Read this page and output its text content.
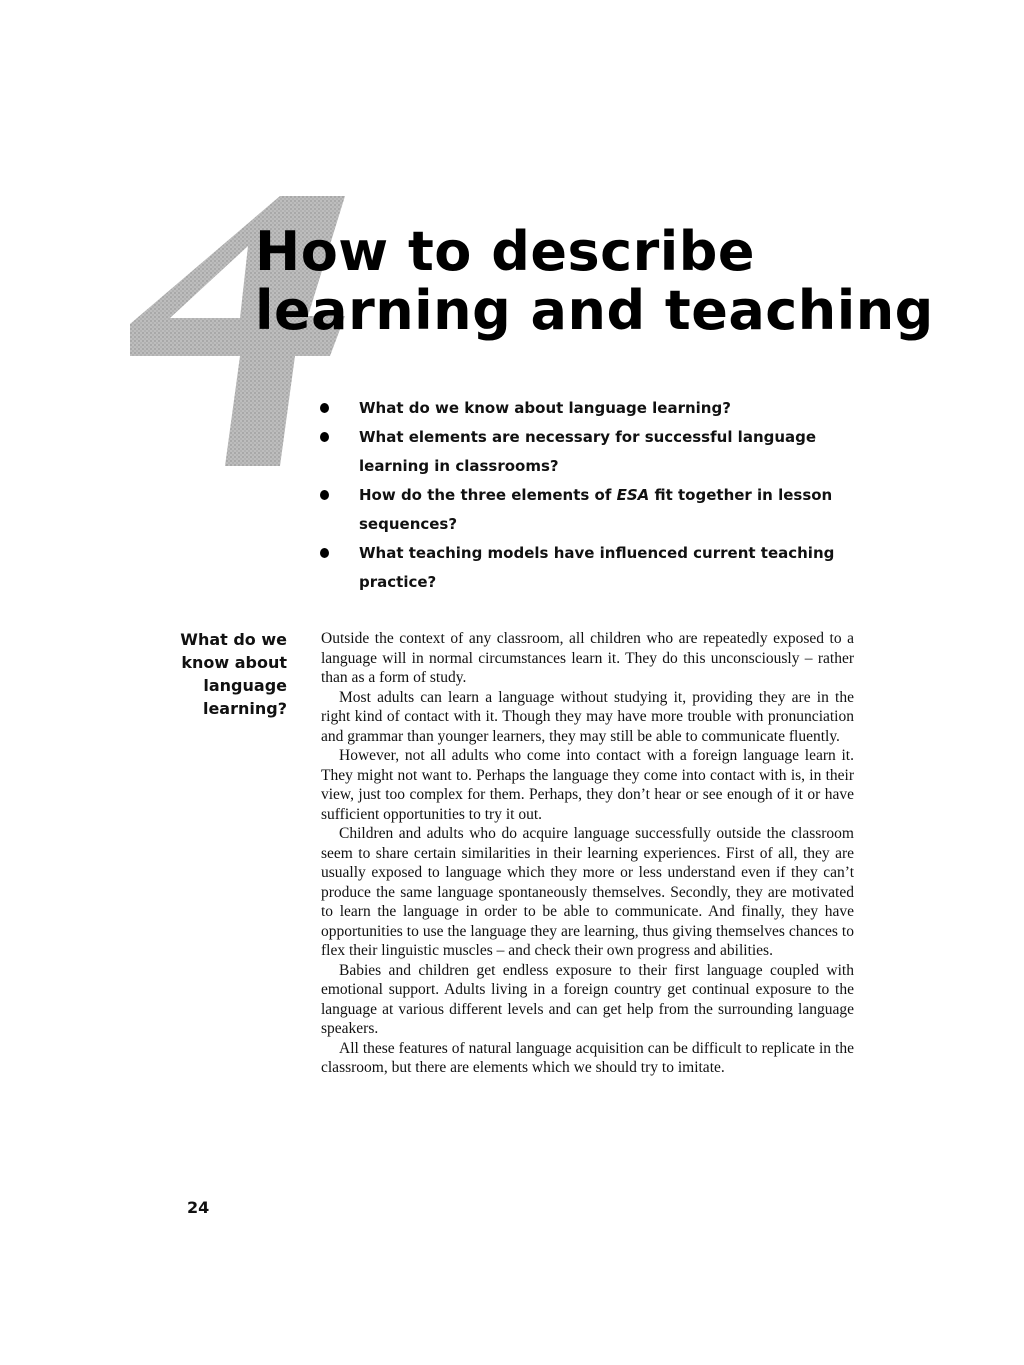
How to describe
learning and teaching
What do we know about language learning?
What elements are necessary for successful language learning in classrooms?
How do the three elements of ESA fit together in lesson sequences?
What teaching models have influenced current teaching practice?
What do we
know about
language
learning?

Outside the context of any classroom, all children who are repeatedly exposed to a language will in normal circumstances learn it. They do this unconsciously – rather than as a form of study.

Most adults can learn a language without studying it, providing they are in the right kind of contact with it. Though they may have more trouble with pronunciation and grammar than younger learners, they may still be able to communicate fluently.

However, not all adults who come into contact with a foreign language learn it. They might not want to. Perhaps the language they come into contact with is, in their view, just too complex for them. Perhaps, they don’t hear or see enough of it or have sufficient opportunities to try it out.

Children and adults who do acquire language successfully outside the classroom seem to share certain similarities in their learning experiences. First of all, they are usually exposed to language which they more or less understand even if they can’t produce the same language spontaneously themselves. Secondly, they are motivated to learn the language in order to be able to communicate. And finally, they have opportunities to use the language they are learning, thus giving themselves chances to flex their linguistic muscles – and check their own progress and abilities.

Babies and children get endless exposure to their first language coupled with emotional support. Adults living in a foreign country get continual exposure to the language at various different levels and can get help from the surrounding language speakers.

All these features of natural language acquisition can be difficult to replicate in the classroom, but there are elements which we should try to imitate.

24
